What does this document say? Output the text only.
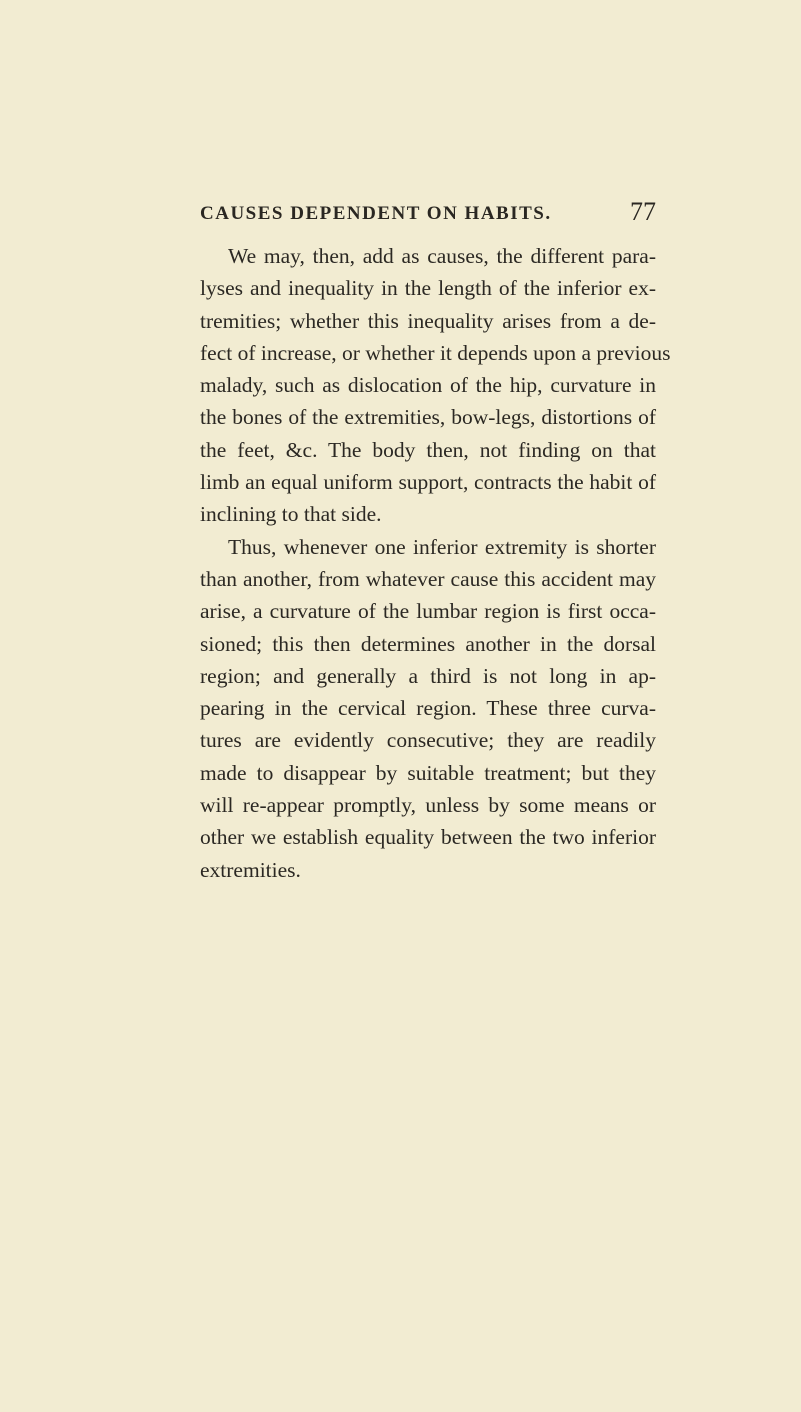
CAUSES DEPENDENT ON HABITS.	77
We may, then, add as causes, the different para-
lyses and inequality in the length of the inferior ex-
tremities; whether this inequality arises from a de-
fect of increase, or whether it depends upon a previous
malady, such as dislocation of the hip, curvature in
the bones of the extremities, bow-legs, distortions of
the feet, &c. The body then, not finding on that
limb an equal uniform support, contracts the habit of
inclining to that side.
Thus, whenever one inferior extremity is shorter
than another, from whatever cause this accident may
arise, a curvature of the lumbar region is first occa-
sioned; this then determines another in the dorsal
region; and generally a third is not long in ap-
pearing in the cervical region. These three curva-
tures are evidently consecutive; they are readily
made to disappear by suitable treatment; but they
will re-appear promptly, unless by some means or
other we establish equality between the two inferior
extremities.
